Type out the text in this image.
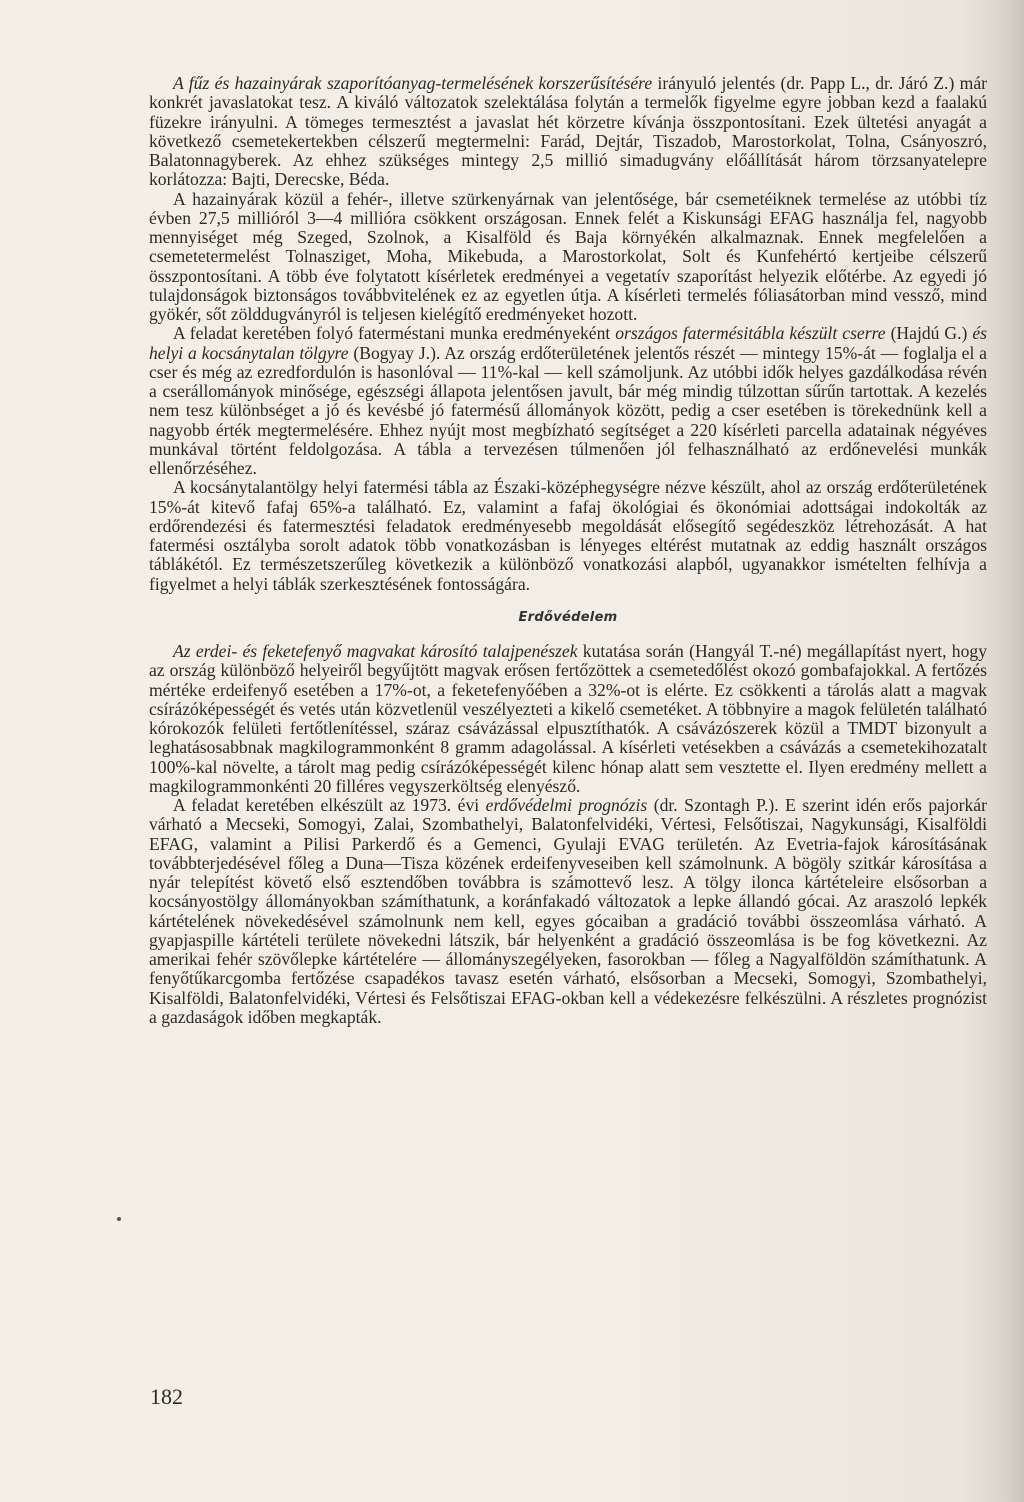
A fűz és hazainyárak szaporítóanyag-termelésének korszerűsítésére irányuló jelentés (dr. Papp L., dr. Járó Z.) már konkrét javaslatokat tesz. A kiváló változatok szelektálása folytán a termelők figyelme egyre jobban kezd a faalakú füzekre irányulni. A tömeges termesztést a javaslat hét körzetre kívánja összpontosítani. Ezek ültetési anyagát a következő csemetekertekben célszerű megtermelni: Farád, Dejtár, Tiszadob, Marostorkolat, Tolna, Csányoszró, Balatonnagyberek. Az ehhez szükséges mintegy 2,5 millió simadugvány előállítását három törzsanyatelepre korlátozza: Bajti, Derecske, Béda.

A hazainyárak közül a fehér-, illetve szürkenyárnak van jelentősége, bár csemetéiknek termelése az utóbbi tíz évben 27,5 millióról 3—4 millióra csökkent országosan. Ennek felét a Kiskunsági EFAG használja fel, nagyobb mennyiséget még Szeged, Szolnok, a Kisalföld és Baja környékén alkalmaznak. Ennek megfelelően a csemetetermelést Tolnasziget, Moha, Mikebuda, a Marostorkolat, Solt és Kunfehértó kertjeibe célszerű összpontosítani. A több éve folytatott kísérletek eredményei a vegetatív szaporítást helyezik előtérbe. Az egyedi jó tulajdonságok biztonságos továbbvitelének ez az egyetlen útja. A kísérleti termelés fóliasátorban mind vessző, mind gyökér, sőt zölddugványról is teljesen kielégítő eredményeket hozott.

A feladat keretében folyó faterméstani munka eredményeként országos fatermésitábla készült cserre (Hajdú G.) és helyi a kocsánytalan tölgyre (Bogyay J.). Az ország erdőterületének jelentős részét — mintegy 15%-át — foglalja el a cser és még az ezredfordulón is hasonlóval — 11%-kal — kell számoljunk. Az utóbbi idők helyes gazdálkodása révén a cserállományok minősége, egészségi állapota jelentősen javult, bár még mindig túlzottan sűrűn tartottak. A kezelés nem tesz különbséget a jó és kevésbé jó fatermésű állományok között, pedig a cser esetében is törekednünk kell a nagyobb érték megtermelésére. Ehhez nyújt most megbízható segítséget a 220 kísérleti parcella adatainak négyéves munkával történt feldolgozása. A tábla a tervezésen túlmenően jól felhasználható az erdőnevelési munkák ellenőrzéséhez.

A kocsánytalantölgy helyi fatermési tábla az Északi-középhegységre nézve készült, ahol az ország erdőterületének 15%-át kitevő fafaj 65%-a található. Ez, valamint a fafaj ökológiai és ökonómiai adottságai indokolták az erdőrendezési és fatermesztési feladatok eredményesebb megoldását elősegítő segédeszköz létrehozását. A hat fatermési osztályba sorolt adatok több vonatkozásban is lényeges eltérést mutatnak az eddig használt országos táblákétól. Ez természetszerűleg következik a különböző vonatkozási alapból, ugyanakkor ismételten felhívja a figyelmet a helyi táblák szerkesztésének fontosságára.

Erdővédelem

Az erdei- és feketefenyő magvakat károsító talajpenészek kutatása során (Hangyál T.-né) megállapítást nyert, hogy az ország különböző helyeiről begyűjtött magvak erősen fertőzöttek a csemetedőlést okozó gombafajokkal. A fertőzés mértéke erdeifenyő esetében a 17%-ot, a feketefenyőében a 32%-ot is elérte. Ez csökkenti a tárolás alatt a magvak csírázóképességét és vetés után közvetlenül veszélyezteti a kikelő csemetéket. A többnyire a magok felületén található kórokozók felületi fertőtlenítéssel, száraz csávázással elpusztíthatók. A csávázószerek közül a TMDT bizonyult a leghatásosabbnak magkilogrammonként 8 gramm adagolással. A kísérleti vetésekben a csávázás a csemetekihozatalt 100%-kal növelte, a tárolt mag pedig csírázóképességét kilenc hónap alatt sem vesztette el. Ilyen eredmény mellett a magkilogrammonkénti 20 filléres vegyszerköltség elenyésző.

A feladat keretében elkészült az 1973. évi erdővédelmi prognózis (dr. Szontagh P.). E szerint idén erős pajorkár várható a Mecseki, Somogyi, Zalai, Szombathelyi, Balatonfelvidéki, Vértesi, Felsőtiszai, Nagykunsági, Kisalföldi EFAG, valamint a Pilisi Parkerdő és a Gemenci, Gyulaji EVAG területén. Az Evetria-fajok károsításának továbbterjedésével főleg a Duna—Tisza közének erdeifenyveseiben kell számolnunk. A bögöly szitkár károsítása a nyár telepítést követő első esztendőben továbbra is számottevő lesz. A tölgy ilonca kártételeire elsősorban a kocsányostölgy állományokban számíthatunk, a koránfakadó változatok a lepke állandó gócai. Az araszoló lepkék kártételének növekedésével számolnunk nem kell, egyes gócaiban a gradáció további összeomlása várható. A gyapjaspille kártételi területe növekedni látszik, bár helyenként a gradáció összeomlása is be fog következni. Az amerikai fehér szövőlepke kártételére — állományszegélyeken, fasorokban — főleg a Nagyalföldön számíthatunk. A fenyőtűkarcgomba fertőzése csapadékos tavasz esetén várható, elsősorban a Mecseki, Somogyi, Szombathelyi, Kisalföldi, Balatonfelvidéki, Vértesi és Felsőtiszai EFAG-okban kell a védekezésre felkészülni. A részletes prognózist a gazdaságok időben megkapták.

182
